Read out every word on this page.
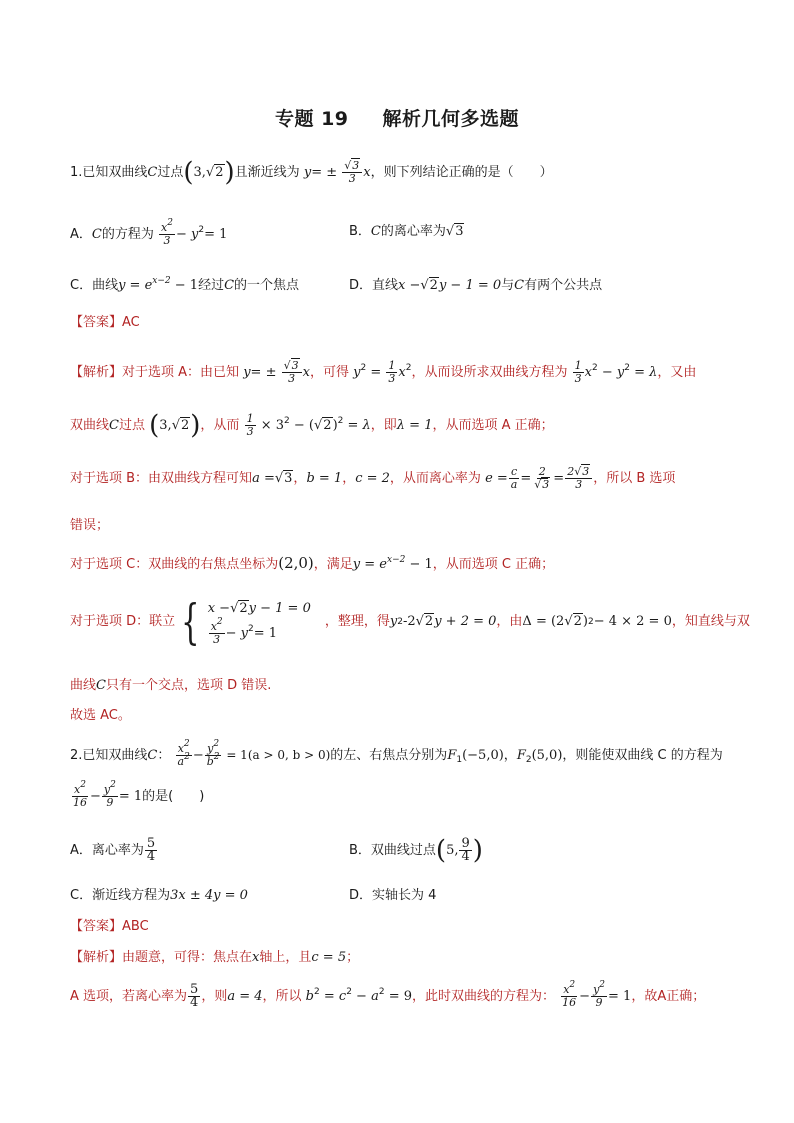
专题 19 解析几何多选题
1.已知双曲线C过点(3,√2)且渐近线为 $y= \pm \frac{√3}{3}$ x，则下列结论正确的是（　　）
A．C的方程为 $\frac{x^2}{3} - y^2= 1$	B．C的离心率为√3
C．曲线$y = e^{x-2} - 1$经过C的一个焦点	D．直线x −√2y − 1 = 0与C有两个公共点
【答案】AC
【解析】对于选项 A：由已知 $y= \pm \frac{√3}{3}$ x，可得 $y^2 = \frac{1}{3} x^2$，从而设所求双曲线方程为 $\frac{1}{3} x^2 - y^2 = \lambda$，又由
双曲线C过点 (3,√2)，从而 $\frac{1}{3} \times 3^2 - (√2)^2 = \lambda$，即λ = 1，从而选项 A 正确；
对于选项 B：由双曲线方程可知a =√3，b = 1，c = 2，从而离心率为 $e = \frac{c}{a} = \frac{2}{√3} = \frac{2√3}{3}$ ，所以 B 选项
错误；
对于选项 C：双曲线的右焦点坐标为(2,0)，满足$y = e^{x-2} - 1$，从而选项 C 正确；
对于选项 D：联立 { x −√2y − 1 = 0
$\frac{x^2}{3} - y^2= 1$
，整理，得 y 2 -2 √2 y + 2 = 0 ，由 Δ = (2 √2 ) 2 − 4 × 2 = 0 ，知直线与双
曲线C只有一个交点，选项 D 错误.
故选 AC。
2.已知双曲线C： $\frac{x^2}{a^2} - \frac{y^2}{b^2} = 1(a > 0$, b > 0)的左、右焦点分别为$F_1(-5,0)$，$F_2(5,0)$，则能使双曲线 C 的方程为
$\frac{x^2}{16} - \frac{y^2}{9} = 1$的是(　　)
A．离心率为 $\frac{5}{4}$	B．双曲线过点(5, $\frac{9}{4}$ )
C．渐近线方程为3x ± 4y = 0	D．实轴长为 4
【答案】ABC
【解析】由题意，可得：焦点在x轴上，且c = 5；
A 选项，若离心率为 $\frac{5}{4}$ ，则a = 4，所以 $b^2 = c^2 - a^2 = 9$，此时双曲线的方程为： $\frac{x^2}{16} - \frac{y^2}{9} = 1$，故A正确；
